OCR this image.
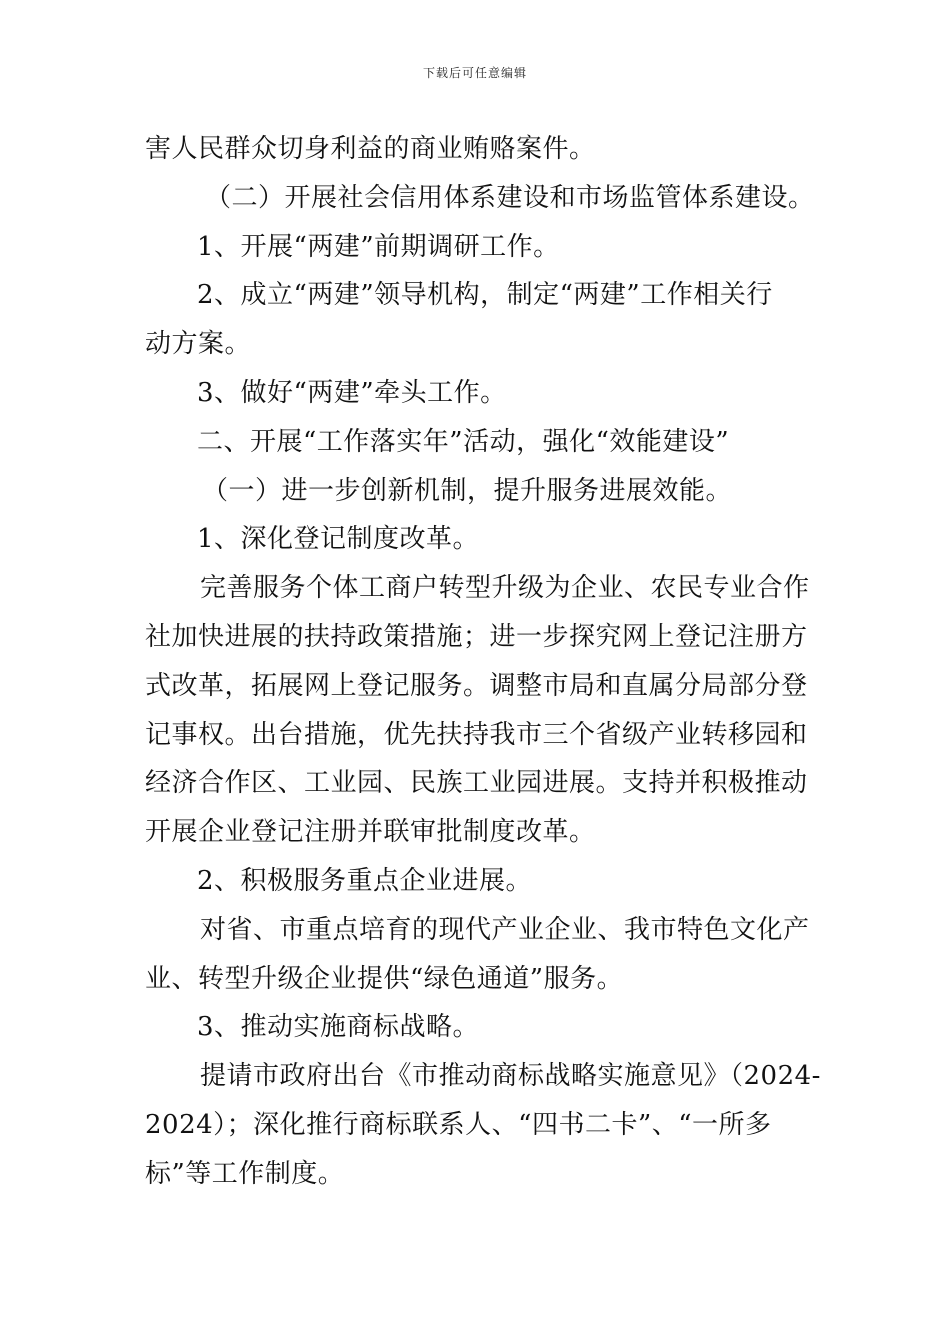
下载后可任意编辑

害人民群众切身利益的商业贿赂案件。

（二）开展社会信用体系建设和市场监管体系建设。

1、开展“两建”前期调研工作。

2、成立“两建”领导机构，制定“两建”工作相关行

动方案。

3、做好“两建”牵头工作。

二、开展“工作落实年”活动，强化“效能建设”

（一）进一步创新机制，提升服务进展效能。

1、深化登记制度改革。

完善服务个体工商户转型升级为企业、农民专业合作

社加快进展的扶持政策措施；进一步探究网上登记注册方

式改革，拓展网上登记服务。调整市局和直属分局部分登

记事权。出台措施，优先扶持我市三个省级产业转移园和

经济合作区、工业园、民族工业园进展。支持并积极推动

开展企业登记注册并联审批制度改革。

2、积极服务重点企业进展。

对省、市重点培育的现代产业企业、我市特色文化产

业、转型升级企业提供“绿色通道”服务。

3、推动实施商标战略。

提请市政府出台《市推动商标战略实施意见》（2024-

2024）；深化推行商标联系人、“四书二卡”、“一所多

标”等工作制度。
